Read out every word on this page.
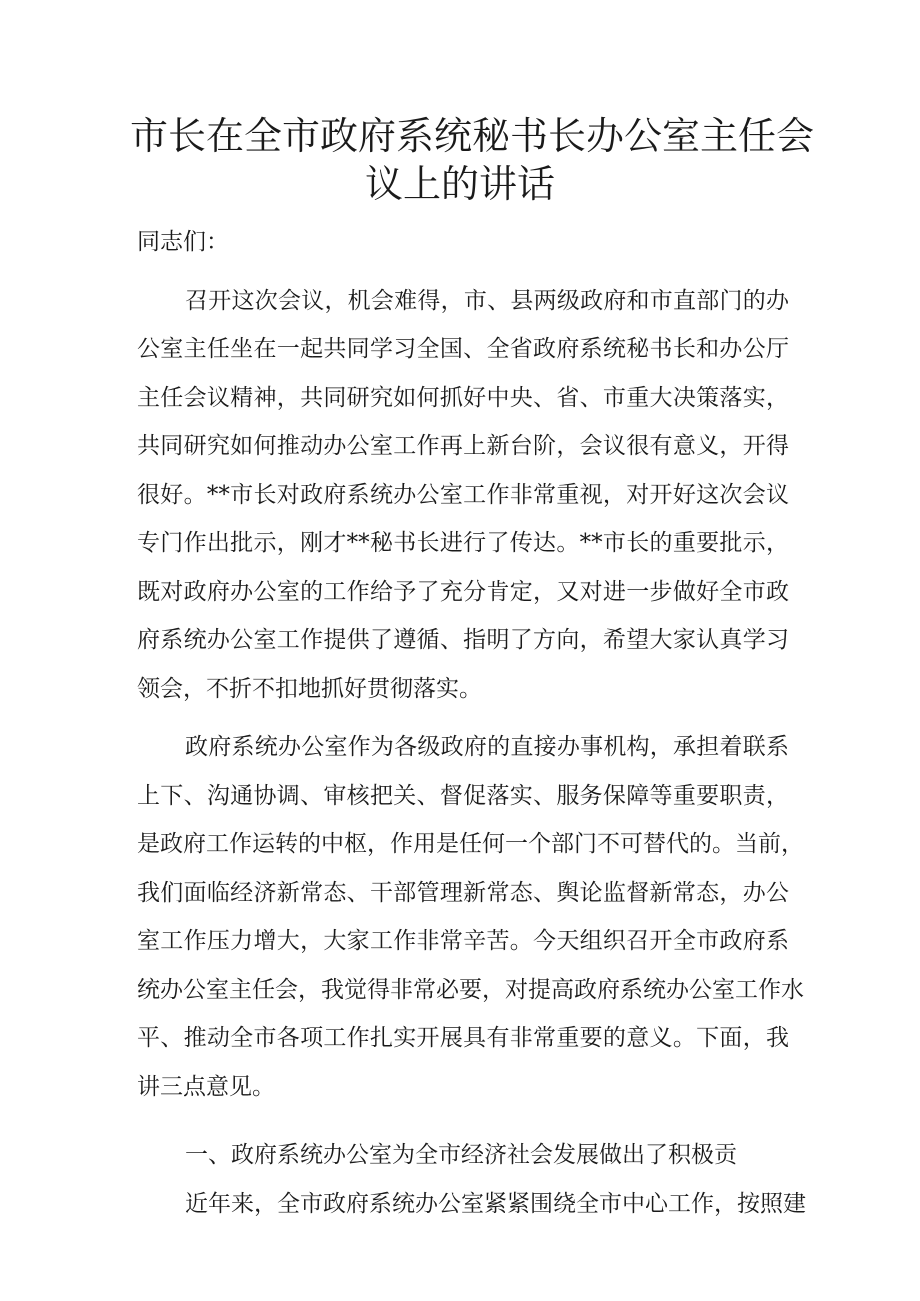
市长在全市政府系统秘书长办公室主任会
议上的讲话
同志们：
召开这次会议，机会难得，市、县两级政府和市直部门的办
公室主任坐在一起共同学习全国、全省政府系统秘书长和办公厅
主任会议精神，共同研究如何抓好中央、省、市重大决策落实，
共同研究如何推动办公室工作再上新台阶，会议很有意义，开得
很好。**市长对政府系统办公室工作非常重视，对开好这次会议
专门作出批示，刚才**秘书长进行了传达。**市长的重要批示，
既对政府办公室的工作给予了充分肯定，又对进一步做好全市政
府系统办公室工作提供了遵循、指明了方向，希望大家认真学习
领会，不折不扣地抓好贯彻落实。
政府系统办公室作为各级政府的直接办事机构，承担着联系
上下、沟通协调、审核把关、督促落实、服务保障等重要职责，
是政府工作运转的中枢，作用是任何一个部门不可替代的。当前，
我们面临经济新常态、干部管理新常态、舆论监督新常态，办公
室工作压力增大，大家工作非常辛苦。今天组织召开全市政府系
统办公室主任会，我觉得非常必要，对提高政府系统办公室工作水
平、推动全市各项工作扎实开展具有非常重要的意义。下面，我
讲三点意见。
一、政府系统办公室为全市经济社会发展做出了积极贡
近年来，全市政府系统办公室紧紧围绕全市中心工作，按照建
